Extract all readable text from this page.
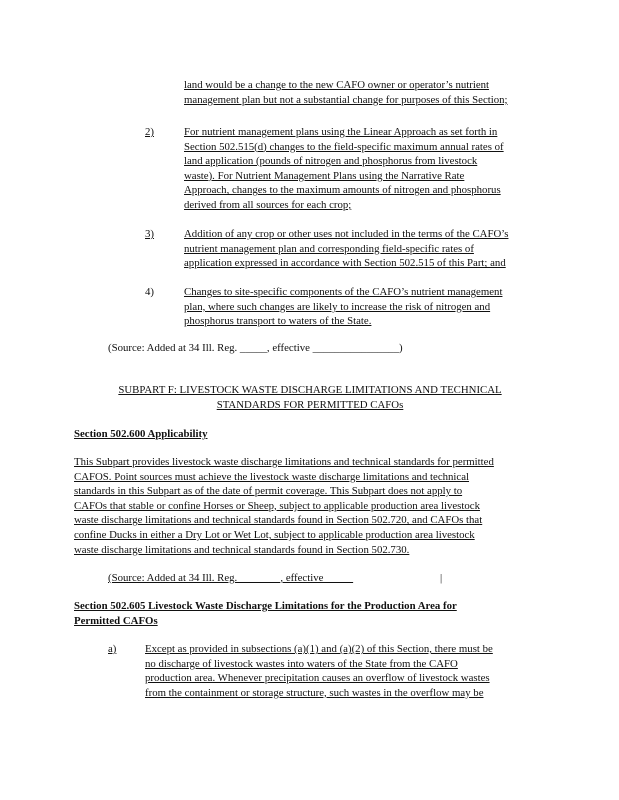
land would be a change to the new CAFO owner or operator’s nutrient
management plan but not a substantial change for purposes of this Section;
2)	For nutrient management plans using the Linear Approach as set forth in
Section 502.515(d) changes to the field-specific maximum annual rates of
land application (pounds of nitrogen and phosphorus from livestock
waste). For Nutrient Management Plans using the Narrative Rate
Approach, changes to the maximum amounts of nitrogen and phosphorus
derived from all sources for each crop;
3)	Addition of any crop or other uses not included in the terms of the CAFO’s
nutrient management plan and corresponding field-specific rates of
application expressed in accordance with Section 502.515 of this Part; and
4)	Changes to site-specific components of the CAFO’s nutrient management
plan, where such changes are likely to increase the risk of nitrogen and
phosphorus transport to waters of the State.
(Source: Added at 34 Ill. Reg. _____, effective ________________)
SUBPART F: LIVESTOCK WASTE DISCHARGE LIMITATIONS AND TECHNICAL
STANDARDS FOR PERMITTED CAFOs
Section 502.600 Applicability
This Subpart provides livestock waste discharge limitations and technical standards for permitted
CAFOS. Point sources must achieve the livestock waste discharge limitations and technical
standards in this Subpart as of the date of permit coverage. This Subpart does not apply to
CAFOs that stable or confine Horses or Sheep, subject to applicable production area livestock
waste discharge limitations and technical standards found in Section 502.720, and CAFOs that
confine Ducks in either a Dry Lot or Wet Lot, subject to applicable production area livestock
waste discharge limitations and technical standards found in Section 502.730.
(Source: Added at 34 Ill. Reg.________, effective _____	|
Section 502.605 Livestock Waste Discharge Limitations for the Production Area for
Permitted CAFOs
a)	Except as provided in subsections (a)(1) and (a)(2) of this Section, there must be
no discharge of livestock wastes into waters of the State from the CAFO
production area. Whenever precipitation causes an overflow of livestock wastes
from the containment or storage structure, such wastes in the overflow may be
